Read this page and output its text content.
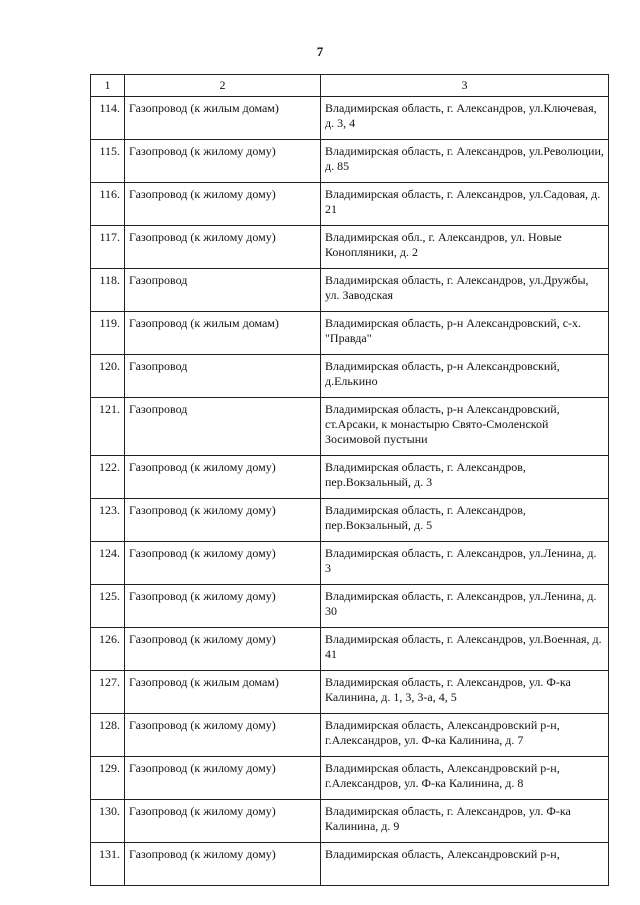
7
1	2	3
114.	Газопровод (к жилым домам)	Владимирская область, г. Александров, ул.Ключевая, д. 3, 4
115.	Газопровод (к жилому дому)	Владимирская область, г. Александров, ул.Революции, д. 85
116.	Газопровод (к жилому дому)	Владимирская область, г. Александров, ул.Садовая, д. 21
117.	Газопровод (к жилому дому)	Владимирская обл., г. Александров, ул. Новые Конопляники, д. 2
118.	Газопровод	Владимирская область, г. Александров, ул.Дружбы, ул. Заводская
119.	Газопровод (к жилым домам)	Владимирская область, р-н Александровский, с-х. "Правда"
120.	Газопровод	Владимирская область, р-н Александровский, д.Елькино
121.	Газопровод	Владимирская область, р-н Александровский, ст.Арсаки, к монастырю Свято-Смоленской Зосимовой пустыни
122.	Газопровод (к жилому дому)	Владимирская область, г. Александров, пер.Вокзальный, д. 3
123.	Газопровод (к жилому дому)	Владимирская область, г. Александров, пер.Вокзальный, д. 5
124.	Газопровод (к жилому дому)	Владимирская область, г. Александров, ул.Ленина, д. 3
125.	Газопровод (к жилому дому)	Владимирская область, г. Александров, ул.Ленина, д. 30
126.	Газопровод (к жилому дому)	Владимирская область, г. Александров, ул.Военная, д. 41
127.	Газопровод (к жилым домам)	Владимирская область, г. Александров, ул. Ф-ка Калинина, д. 1, 3, 3-а, 4, 5
128.	Газопровод (к жилому дому)	Владимирская область, Александровский р-н, г.Александров, ул. Ф-ка Калинина, д. 7
129.	Газопровод (к жилому дому)	Владимирская область, Александровский р-н, г.Александров, ул. Ф-ка Калинина, д. 8
130.	Газопровод (к жилому дому)	Владимирская область, г. Александров, ул. Ф-ка Калинина, д. 9
131.	Газопровод (к жилому дому)	Владимирская область, Александровский р-н,
